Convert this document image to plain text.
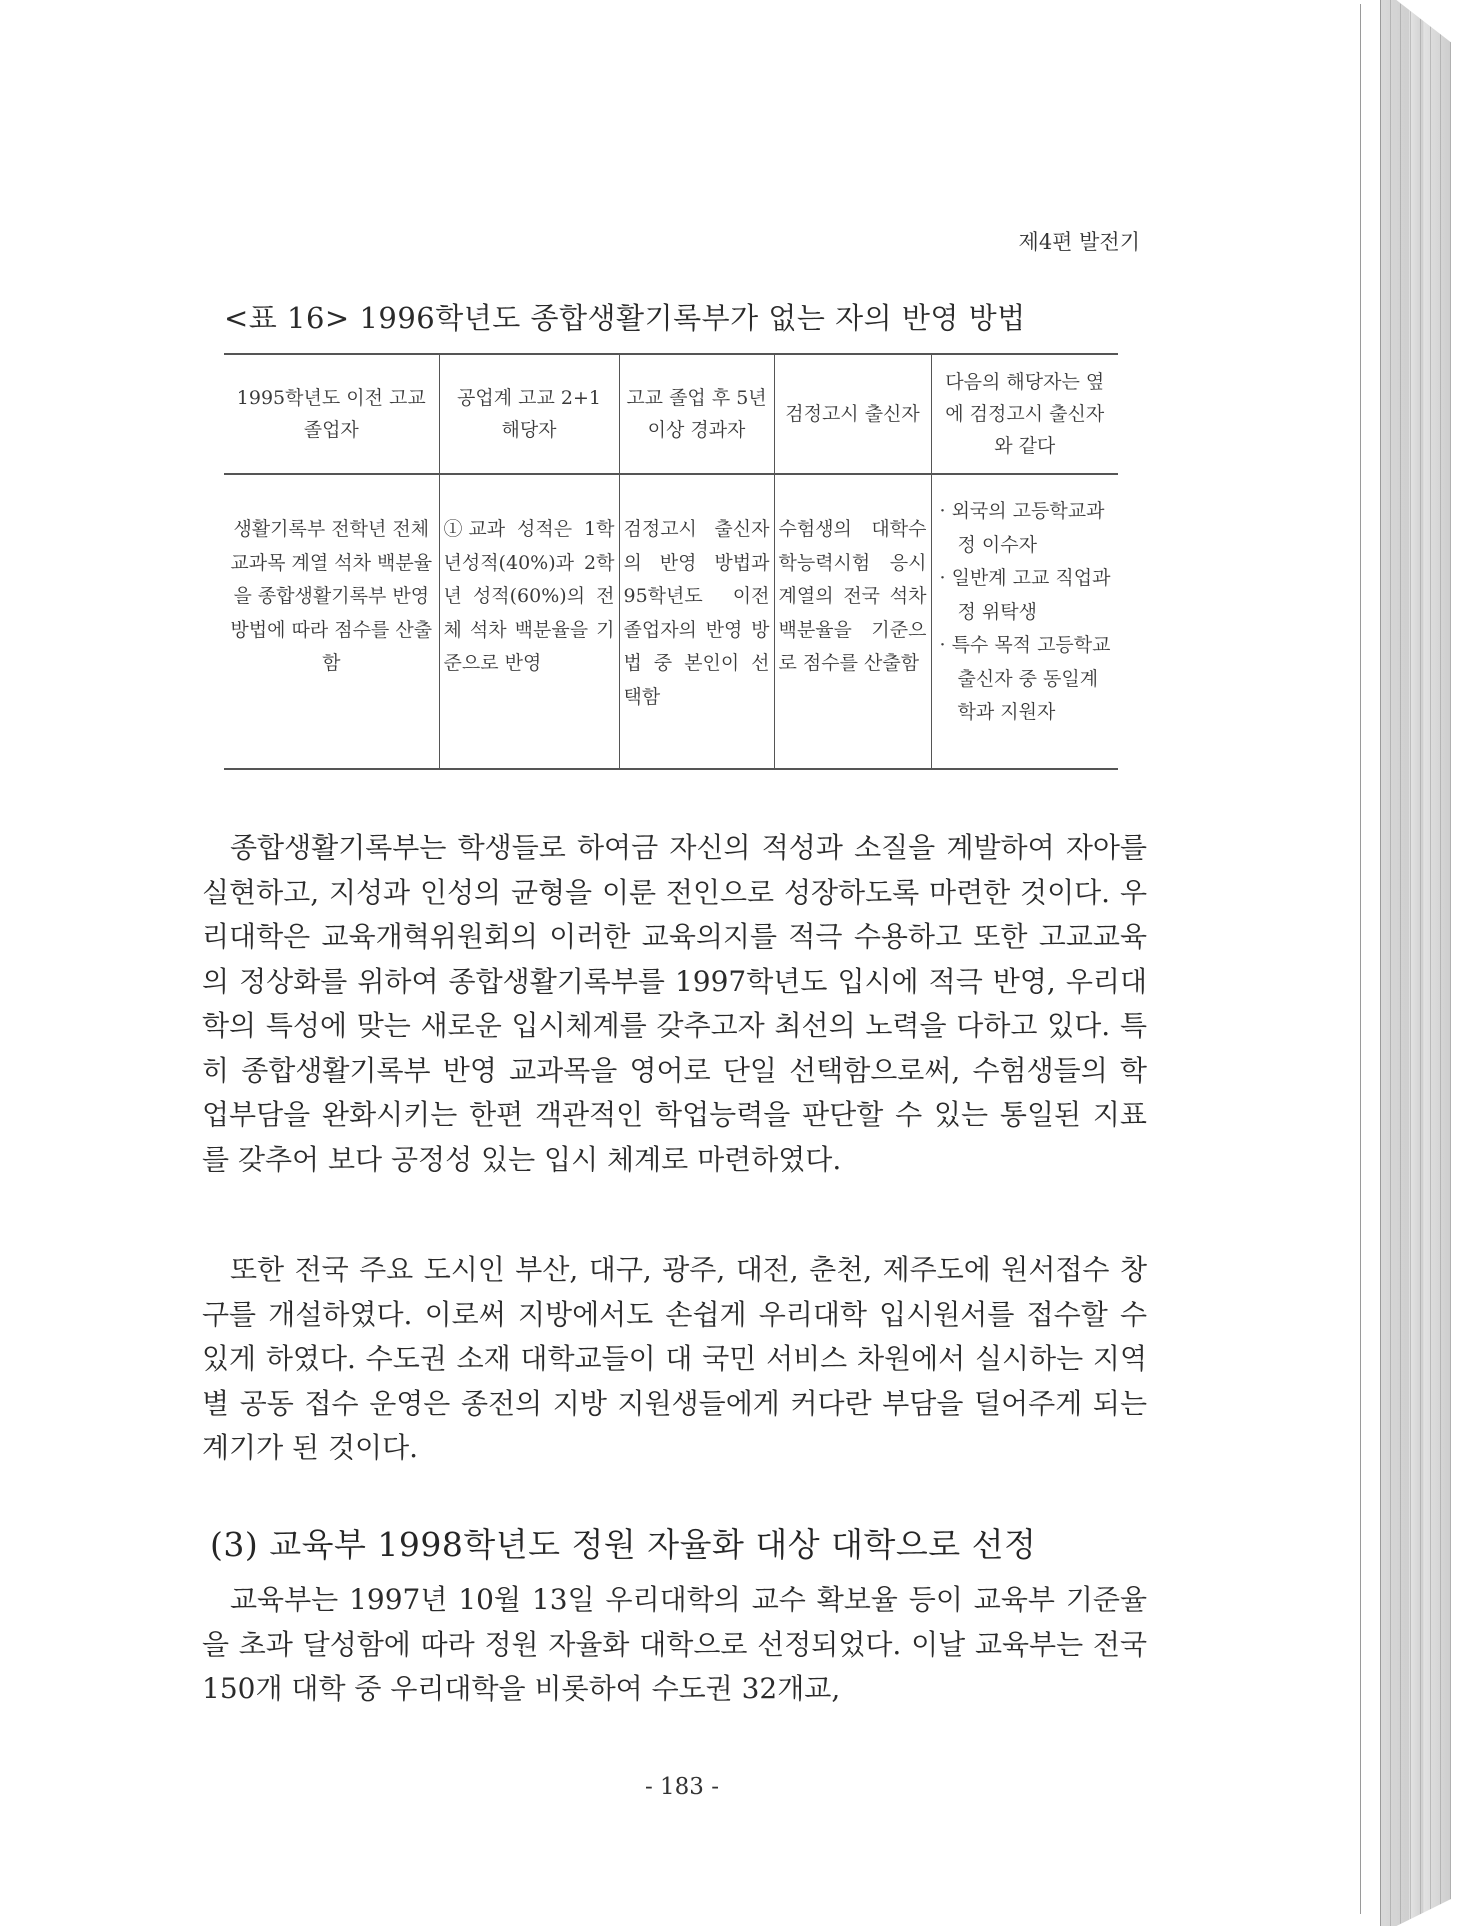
제4편 발전기
<표 16> 1996학년도 종합생활기록부가 없는 자의 반영 방법
1995학년도 이전 고교 졸업자	공업계 고교 2+1 해당자	고교 졸업 후 5년 이상 경과자	검정고시 출신자	다음의 해당자는 옆에 검정고시 출신자와 같다
생활기록부 전학년 전체 교과목 계열 석차 백분율을 종합생활기록부 반영 방법에 따라 점수를 산출함	①교과 성적은 1학년성적(40%)과 2학년 성적(60%)의 전체 석차 백분율을 기준으로 반영	검정고시 출신자의 반영 방법과 95학년도 이전 졸업자의 반영 방법 중 본인이 선택함	수험생의 대학수학능력시험 응시 계열의 전국 석차 백분율을 기준으로 점수를 산출함	· 외국의 고등학교과정 이수자
· 일반계 고교 직업과정 위탁생
· 특수 목적 고등학교 출신자 중 동일계 학과 지원자

종합생활기록부는 학생들로 하여금 자신의 적성과 소질을 계발하여 자아를 실현하고, 지성과 인성의 균형을 이룬 전인으로 성장하도록 마련한 것이다. 우리대학은 교육개혁위원회의 이러한 교육의지를 적극 수용하고 또한 고교교육의 정상화를 위하여 종합생활기록부를 1997학년도 입시에 적극 반영, 우리대학의 특성에 맞는 새로운 입시체계를 갖추고자 최선의 노력을 다하고 있다. 특히 종합생활기록부 반영 교과목을 영어로 단일 선택함으로써, 수험생들의 학업부담을 완화시키는 한편 객관적인 학업능력을 판단할 수 있는 통일된 지표를 갖추어 보다 공정성 있는 입시 체계로 마련하였다.

또한 전국 주요 도시인 부산, 대구, 광주, 대전, 춘천, 제주도에 원서접수 창구를 개설하였다. 이로써 지방에서도 손쉽게 우리대학 입시원서를 접수할 수 있게 하였다. 수도권 소재 대학교들이 대 국민 서비스 차원에서 실시하는 지역별 공동 접수 운영은 종전의 지방 지원생들에게 커다란 부담을 덜어주게 되는 계기가 된 것이다.

(3) 교육부 1998학년도 정원 자율화 대상 대학으로 선정

교육부는 1997년 10월 13일 우리대학의 교수 확보율 등이 교육부 기준율을 초과 달성함에 따라 정원 자율화 대학으로 선정되었다. 이날 교육부는 전국 150개 대학 중 우리대학을 비롯하여 수도권 32개교,

- 183 -
